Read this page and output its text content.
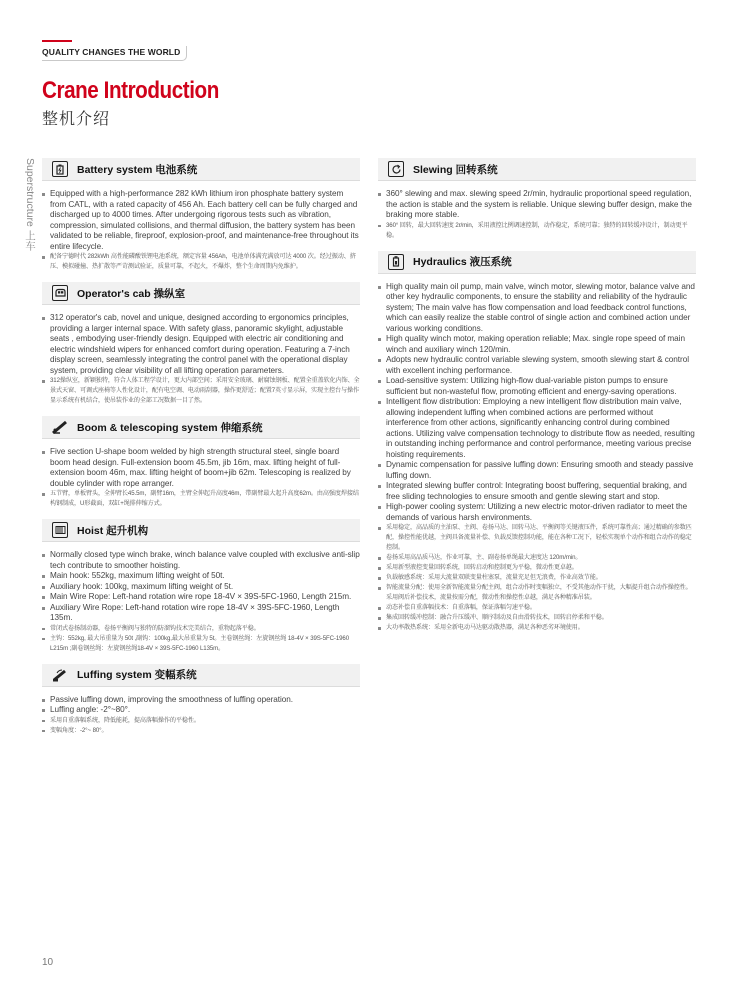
QUALITY CHANGES THE WORLD
Crane Introduction
整机介绍
Superstructure 上车	Battery system 电池系统
Equipped with a high-performance 282 kWh lithium iron phosphate battery system from CATL, with a rated capacity of 456 Ah. Each battery cell can be fully charged and discharged up to 4000 times. After undergoing rigorous tests such as vibration, compression, simulated collisions, and thermal diffusion, the battery system has been validated to be reliable, fireproof, explosion-proof, and maintenance-free throughout its entire lifecycle.
配备宁德时代 282kWh 高性能磷酸铁锂电池系统，额定容量 456Ah，电池单体满充满放可达 4000 次。经过振动、挤压、模拟碰撞、热扩散等严苛测试验证，质量可靠，不起火，不爆炸，整个生命周期内免维护。
Operator's cab 操纵室
312 operator's cab, novel and unique, designed according to ergonomics principles, providing a larger internal space. With safety glass, panoramic skylight, adjustable seats , embodying user-friendly design. Equipped with electric air conditioning and electric windshield wipers for enhanced comfort during operation. Featuring a 7-inch display screen, seamlessly integrating the control panel with the operational display system, providing clear visibility of all lifting operation parameters.
312操纵室，新颖独特，符合人体工程学设计，更大内部空间；采用安全玻璃、耐腐蚀钢板、配置全重盖软化内饰、全景式天窗、可调式座椅等人性化设计，配有电空调、电动雨刮器，操作更舒适；配置7英寸显示屏，实现主控台与操作显示系统有机结合，使吊装作业的全部工况数据一目了然。
Boom & telescoping system 伸缩系统
Five section U-shape boom welded by high strength structural steel, single board boom head design. Full-extension boom 45.5m, jib 16m, max. lifting height of full-extension boom 46m, max. lifting height of boom+jib 62m. Telescoping is realized by double cylinder with rope arranger.
五节臂，单板臂头，全伸臂长45.5m，副臂16m，主臂全伸起升高度46m，带副臂最大起升高度62m。由高强度焊接结构钢制成，U形截面，双缸+绳排伸缩方式。
Hoist 起升机构
Normally closed type winch brake, winch balance valve coupled with exclusive anti-slip tech contribute to smoother hoisting.
Main hook: 552kg, maximum lifting weight of 50t.
Auxiliary hook: 100kg, maximum lifting weight of 5t.
Main Wire Rope: Left-hand rotation wire rope 18-4V × 39S-5FC-1960, Length 215m.
Auxiliary Wire Rope: Left-hand rotation wire rope 18-4V × 39S-5FC-1960, Length 135m.
常闭式卷扬制动器，卷扬平衡阀与独特的防溜钩技术完美结合，重物起落平稳。
主钩：552kg, 最大吊重量为 50t ,副钩：100kg,最大吊重量为 5t。主卷钢丝绳：左旋钢丝绳 18-4V × 39S-5FC-1960 L215m ;副卷钢丝绳：左旋钢丝绳18-4V × 39S-5FC-1960 L135m。
Luffing system 变幅系统
Passive luffing down, improving the smoothness of luffing operation.
Luffing angle: -2°~80°.
采用自重落幅系统，降低能耗，提高落幅操作的平稳性。
变幅角度：-2°~ 80°。
Slewing 回转系统
360° slewing and max. slewing speed 2r/min, hydraulic proportional speed regulation, the action is stable and the system is reliable. Unique slewing buffer design, make the braking more stable.
360° 回转，最大回转速度 2r/min，采用液控比例调速控制，动作稳定，系统可靠；独特的回转缓冲设计，制动更平稳。
Hydraulics 液压系统
High quality main oil pump, main valve, winch motor, slewing motor, balance valve and other key hydraulic components, to ensure the stability and reliability of the hydraulic system; The main valve has flow compensation and load feedback control functions, which can easily realize the stable control of single action and combined action under various working conditions.
High quality winch motor, making operation reliable; Max. single rope speed of main winch and auxiliary winch 120/min.
Adopts new hydraulic control variable slewing system, smooth slewing start & control with excellent inching performance.
Load-sensitive system: Utilizing high-flow dual-variable piston pumps to ensure sufficient but non-wasteful flow, promoting efficient and energy-saving operations.
Intelligent flow distribution: Employing a new intelligent flow distribution main valve, allowing independent luffing when combined actions are performed without interference from other actions, significantly enhancing control during combined actions. Utilizing valve compensation technology to distribute flow as needed, resulting in outstanding inching performance and control performance, meeting various precise hoisting requirements.
Dynamic compensation for passive luffing down: Ensuring smooth and steady passive luffing down.
Integrated slewing buffer control: Integrating boost buffering, sequential braking, and free sliding technologies to ensure smooth and gentle slewing start and stop.
High-power cooling system: Utilizing a new electric motor-driven radiator to meet the demands of various harsh environments.
采用稳定，高品质的主油泵、主阀、卷扬马达、回转马达、平衡阀等关键液压件，系统可靠性高；通过精确的参数匹配，操控性能优越，主阀具备流量补偿、负载反馈控制功能，能在各种工况下，轻松实现单个动作和组合动作的稳定控制。
卷扬采用高品质马达，作业可靠，主、副卷扬单绳最大速度达 120m/min。
采用新型液控变量回转系统，回转启动和控制更为平稳，微动性更卓越。
负载敏感系统：采用大流量双联变量柱塞泵，流量充足但无浪费，作业高效节能。
智能流量分配：使用全新智能流量分配主阀，组合动作时变幅独立，不受其他动作干扰，大幅提升组合动作操控性。采用阀后补偿技术，流量按需分配，微动性和操控性卓越，满足各种精准吊装。
动态补偿自重落幅技术：自重落幅，保证落幅匀速平稳。
集成回转缓冲控制：融合升压缓冲、顺序制动及自由滑转技术，回转启停柔和平稳。
大功率散热系统：采用全新电动马达驱动散热器，满足各种恶劣环境使用。
10
